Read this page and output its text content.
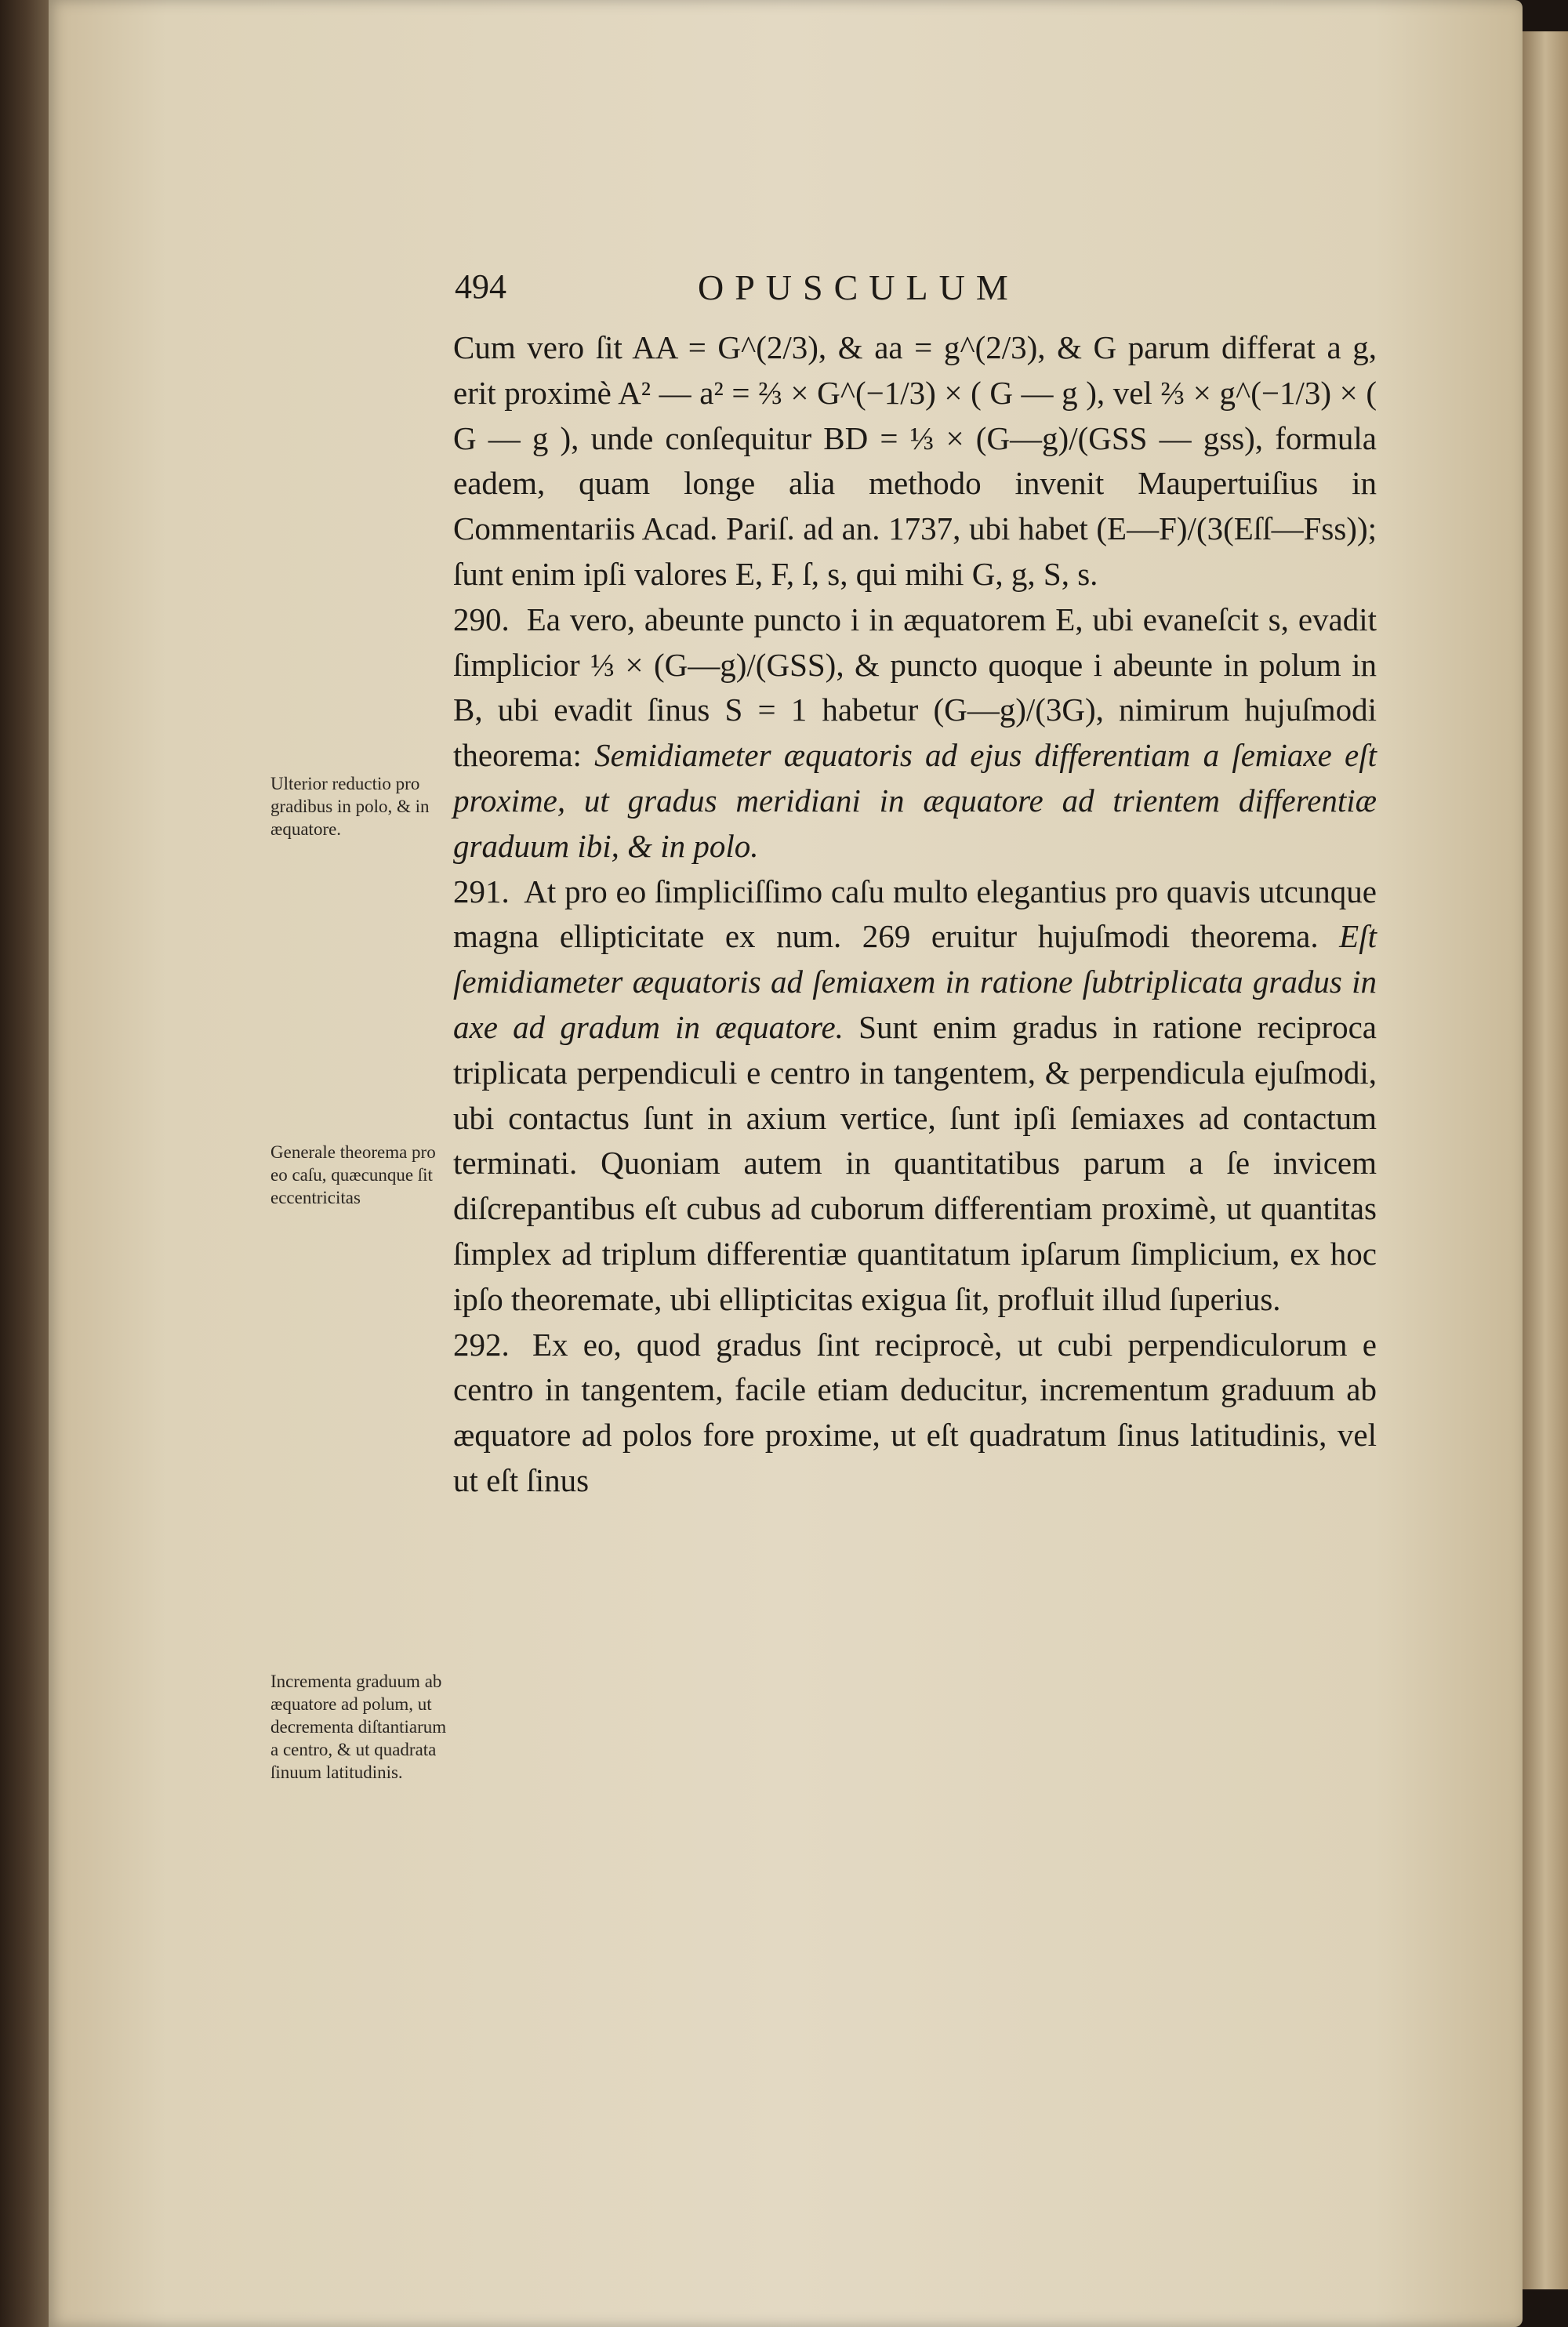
494	OPUSCULUM

Cum vero ſit AA = G^(2/3), & aa = g^(2/3), & G parum differat a g, erit proximè A² — a² = ⅔ × G^(−1/3) × ( G — g ), vel ⅔ × g^(−1/3) × ( G — g ), unde conſequitur BD = ⅓ × (G—g)/(GSS — gss), formula eadem, quam longe alia methodo invenit Maupertuiſius in Commentariis Acad. Pariſ. ad an. 1737, ubi habet (E—F)/(3(Eſſ—Fss)); ſunt enim ipſi valores E, F, ſ, s, qui mihi G, g, S, s.

290. Ea vero, abeunte puncto i in æquatorem E, ubi evaneſcit s, evadit ſimplicior ⅓ × (G—g)/(GSS), & puncto quoque i abeunte in polum in B, ubi evadit ſinus S = 1 habetur (G—g)/(3G), nimirum hujuſmodi theorema: Semidiameter æquatoris ad ejus differentiam a ſemiaxe eſt proxime, ut gradus meridiani in æquatore ad trientem differentiæ graduum ibi, & in polo.

291. At pro eo ſimpliciſſimo caſu multo elegantius pro quavis utcunque magna ellipticitate ex num. 269 eruitur hujuſmodi theorema. Eſt ſemidiameter æquatoris ad ſemiaxem in ratione ſubtriplicata gradus in axe ad gradum in æquatore. Sunt enim gradus in ratione reciproca triplicata perpendiculi e centro in tangentem, & perpendicula ejuſmodi, ubi contactus ſunt in axium vertice, ſunt ipſi ſemiaxes ad contactum terminati. Quoniam autem in quantitatibus parum a ſe invicem diſcrepantibus eſt cubus ad cuborum differentiam proximè, ut quantitas ſimplex ad triplum differentiæ quantitatum ipſarum ſimplicium, ex hoc ipſo theoremate, ubi ellipticitas exigua ſit, profluit illud ſuperius.

292. Ex eo, quod gradus ſint reciprocè, ut cubi perpendiculorum e centro in tangentem, facile etiam deducitur, incrementum graduum ab æquatore ad polos fore proxime, ut eſt quadratum ſinus latitudinis, vel ut eſt ſinus

Ulterior reductio pro gradibus in polo, & in æquatore.
Generale theorema pro eo caſu, quæcunque ſit eccentricitas
Incrementa graduum ab æquatore ad polum, ut decrementa diſtantiarum a centro, & ut quadrata ſinuum latitudinis.
